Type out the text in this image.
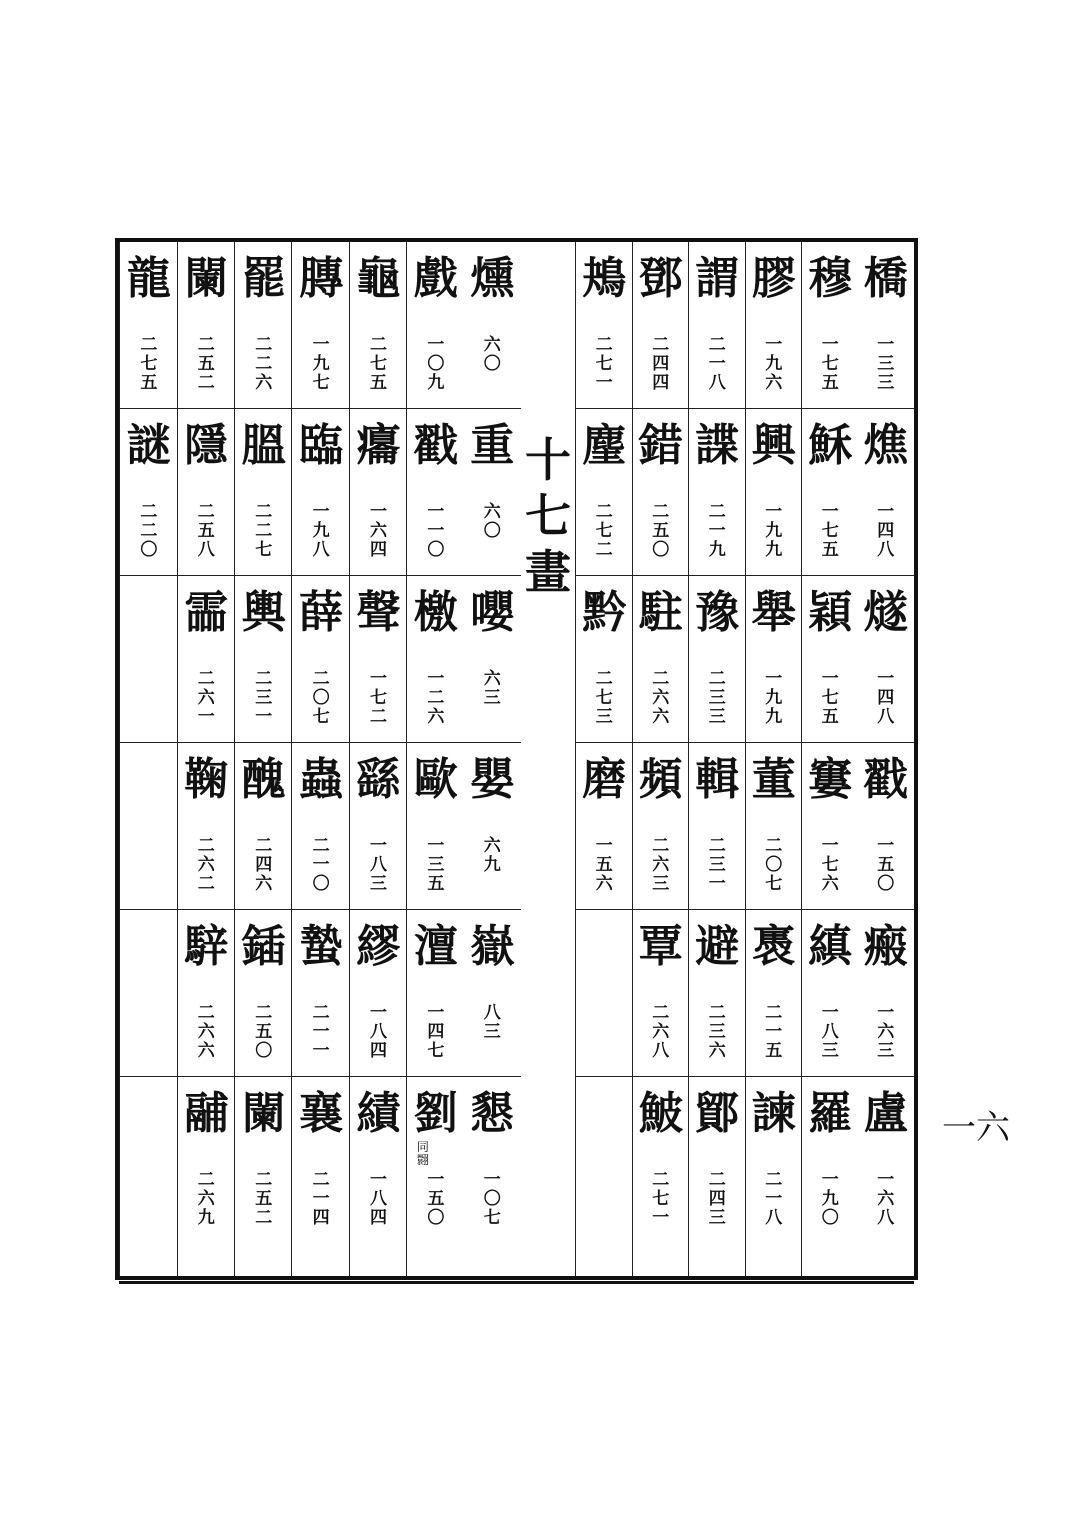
燻
六〇
重
六〇
嚶
六三
嬰
六九
嶽
八三
懇
一〇七
戲
一〇九
戳
一一〇
檄
一二六
歐
一三五
澶
一四七
劉
同翾
一五〇
龜
二七五
癟
一六四
聲
一七二
繇
一八三
繆
一八四
績
一八四
膞
一九七
臨
一九八
薛
二〇七
蟲
二一〇
蟄
二一一
襄
二一四
罷
二二六
膃
二二七
輿
二三一
醜
二四六
鍤
二五〇
闌
二五二
闌
二五二
隱
二五八
霝
二六一
鞠
二六二
騂
二六六
鬴
二六九
龍
二七五
謎
二二〇
十七畫
橋
一三三
燋
一四八
燧
一四八
戳
一五〇
瘢
一六三
盧
一六八
穆
一七五
穌
一七五
穎
一七五
窶
一七六
縝
一八三
羅
一九〇
膠
一九六
興
一九九
舉
一九九
董
二〇七
褭
二一五
諫
二一八
謂
二一八
諜
二一九
豫
二三三
輯
二三一
避
二三六
鄮
二四三
鄧
二四四
錯
二五〇
駐
二六六
頻
二六三
覃
二六八
鮍
二七一
鴂
二七一
麈
二七二
黔
二七三
磨
一五六
一六
